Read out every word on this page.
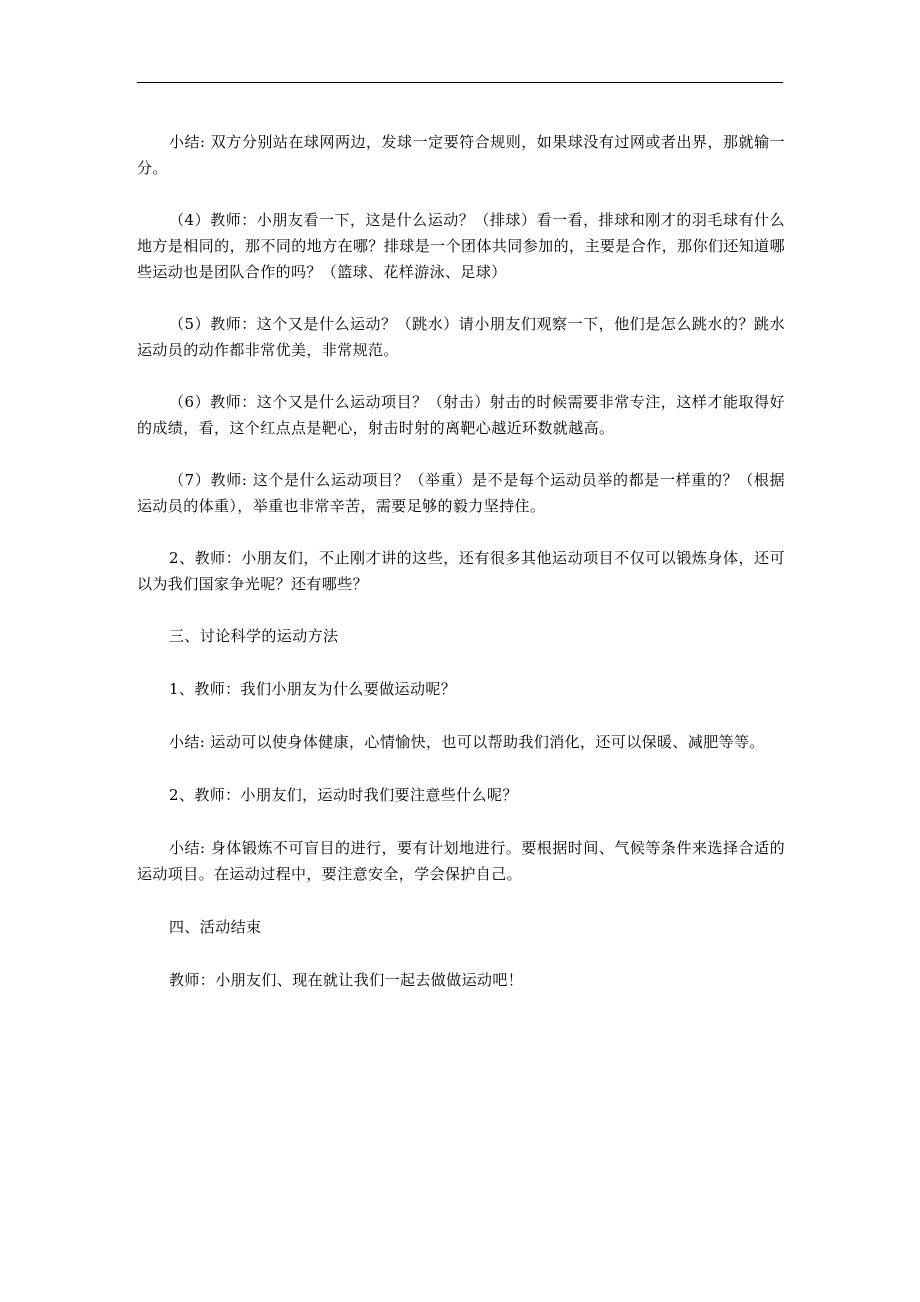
小结: 双方分别站在球网两边，发球一定要符合规则，如果球没有过网或者出界，那就输一分。

（4）教师：小朋友看一下，这是什么运动？（排球）看一看，排球和刚才的羽毛球有什么地方是相同的，那不同的地方在哪？排球是一个团体共同参加的，主要是合作，那你们还知道哪些运动也是团队合作的吗？（篮球、花样游泳、足球）

（5）教师：这个又是什么运动？（跳水）请小朋友们观察一下，他们是怎么跳水的？跳水运动员的动作都非常优美，非常规范。

（6）教师：这个又是什么运动项目？（射击）射击的时候需要非常专注，这样才能取得好的成绩，看，这个红点点是靶心，射击时射的离靶心越近环数就越高。

（7）教师: 这个是什么运动项目？（举重）是不是每个运动员举的都是一样重的？（根据运动员的体重），举重也非常辛苦，需要足够的毅力坚持住。

2、教师：小朋友们，不止刚才讲的这些，还有很多其他运动项目不仅可以锻炼身体，还可以为我们国家争光呢？还有哪些？

三、讨论科学的运动方法

1、教师：我们小朋友为什么要做运动呢？

小结: 运动可以使身体健康，心情愉快，也可以帮助我们消化，还可以保暖、减肥等等。

2、教师：小朋友们，运动时我们要注意些什么呢？

小结: 身体锻炼不可盲目的进行，要有计划地进行。要根据时间、气候等条件来选择合适的运动项目。在运动过程中，要注意安全，学会保护自己。

四、活动结束

教师：小朋友们、现在就让我们一起去做做运动吧！
